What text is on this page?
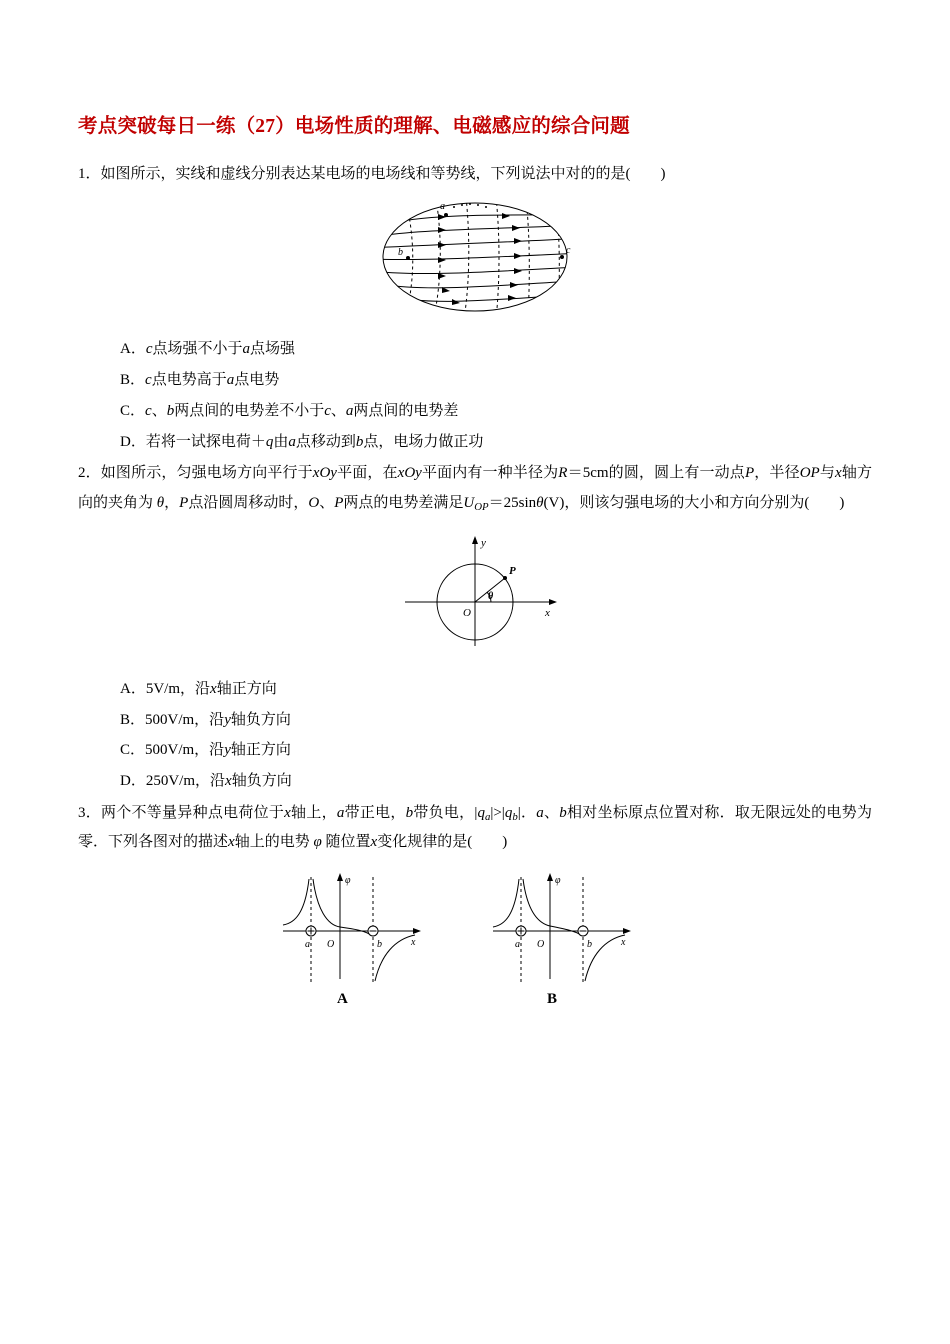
考点突破每日一练（27）电场性质的理解、电磁感应的综合问题

1．如图所示，实线和虚线分别表达某电场的电场线和等势线，下列说法中对的的是(　　)

a
b	c

A．c点场强不小于a点场强

B．c点电势高于a点电势

C．c、b两点间的电势差不小于c、a两点间的电势差

D．若将一试探电荷＋q由a点移动到b点，电场力做正功

2．如图所示，匀强电场方向平行于xOy平面，在xOy平面内有一种半径为R＝5cm的圆，圆上有一动点P，半径OP与x轴方向的夹角为 θ，P点沿圆周移动时，O、P两点的电势差满足$U_{OP}=25\sin\theta(V)$，则该匀强电场的大小和方向分别为(　　)

y
x
P
θ
O

A．5V/m，沿x轴正方向

B．500V/m，沿y轴负方向

C．500V/m，沿y轴正方向

D．250V/m，沿x轴负方向

3．两个不等量异种点电荷位于x轴上，a带正电，b带负电，$|q_a|>|q_b|$．a、b相对坐标原点位置对称．取无限远处的电势为零．下列各图对的描述x轴上的电势 φ 随位置x变化规律的是(　　)

φ
x
a	b
O
A
φ
x
a	b
O
B
